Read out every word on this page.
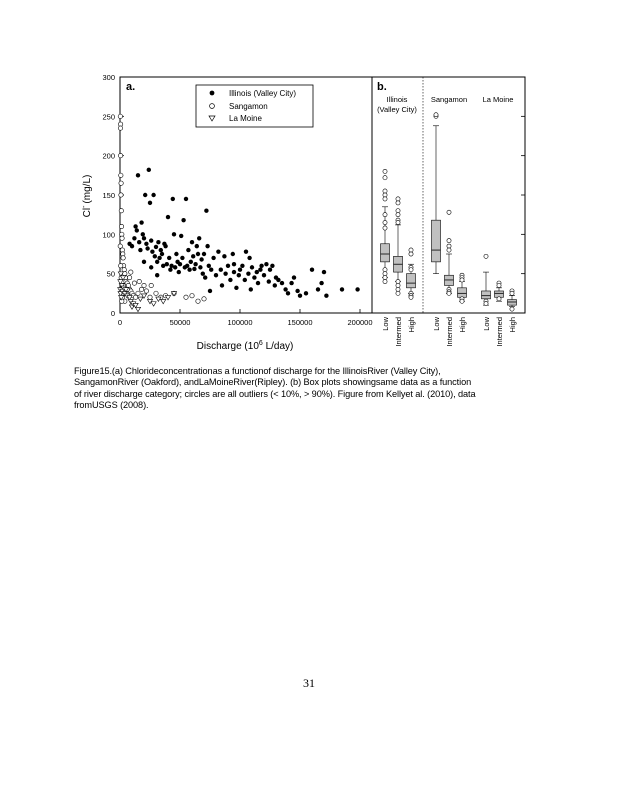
a.	b.
Illinois (Valley City)
Sangamon
La Moine
Illinois
(Valley City)
Sangamon La Moine
Cl-(mg/L)
Discharge ($10^6$ L/day)
0
50
100
150
200
250
300
0	50000	100000	150000	200000 Low Intermed High Low Intermed High Low Intermed High
Figure15.(a) Chlorideconcentrationas a functionof discharge for the IllinoisRiver (Valley City),
SangamonRiver (Oakford), andLaMoineRiver(Ripley). (b) Box plots showingsame data as a function
of river discharge category; circles are all outliers (< 10%, > 90%). Figure from Kellyet al. (2010), data
fromUSGS (2008).
31
